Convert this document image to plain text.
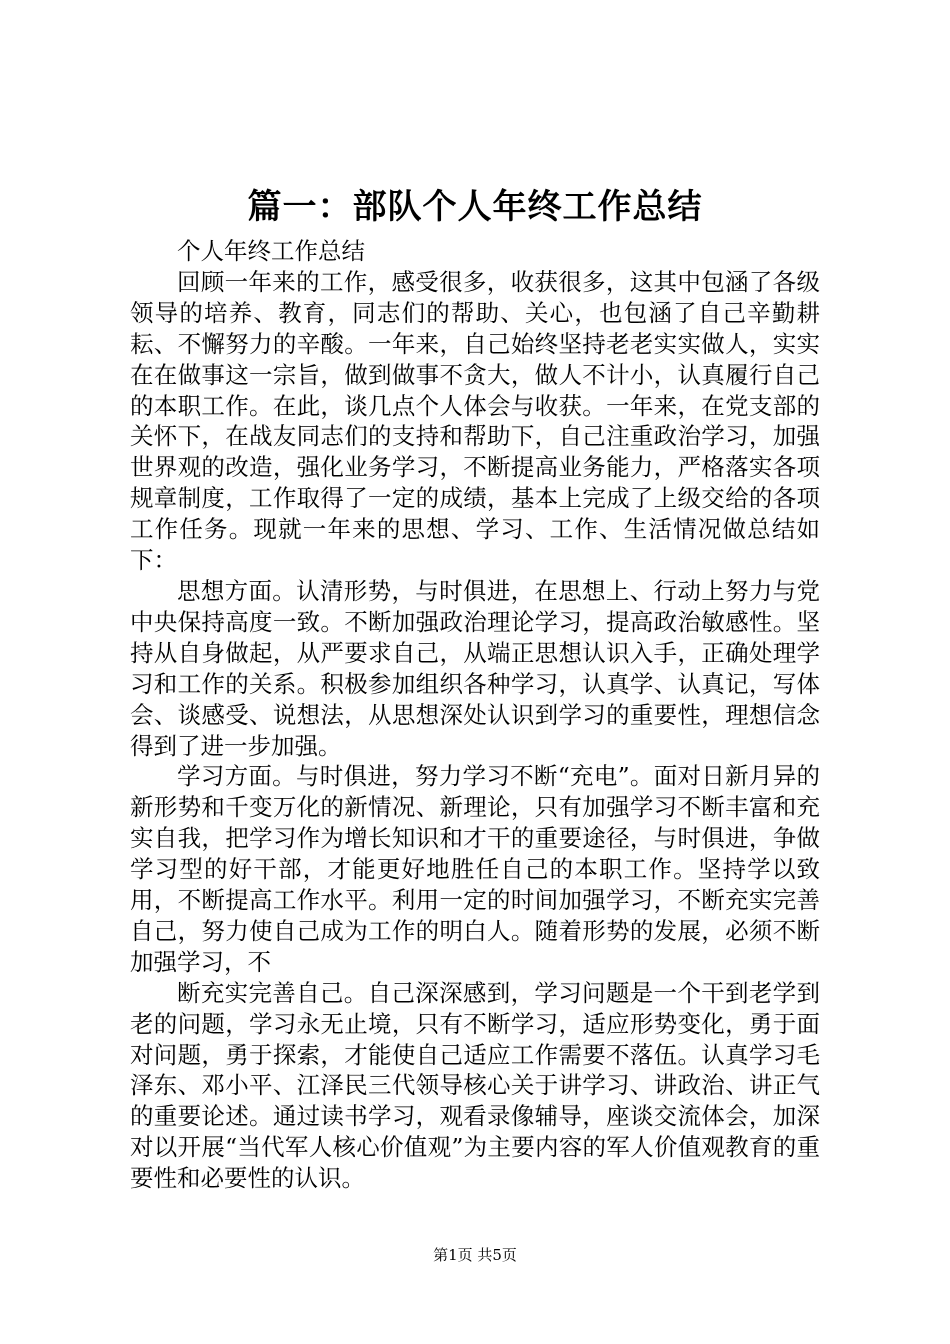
篇一：部队个人年终工作总结

个人年终工作总结

回顾一年来的工作，感受很多，收获很多，这其中包涵了各级领导的培养、教育，同志们的帮助、关心，也包涵了自己辛勤耕耘、不懈努力的辛酸。一年来，自己始终坚持老老实实做人，实实在在做事这一宗旨，做到做事不贪大，做人不计小，认真履行自己的本职工作。在此，谈几点个人体会与收获。一年来，在党支部的关怀下，在战友同志们的支持和帮助下，自己注重政治学习，加强世界观的改造，强化业务学习，不断提高业务能力，严格落实各项规章制度，工作取得了一定的成绩，基本上完成了上级交给的各项工作任务。现就一年来的思想、学习、工作、生活情况做总结如下：

思想方面。认清形势，与时俱进，在思想上、行动上努力与党中央保持高度一致。不断加强政治理论学习，提高政治敏感性。坚持从自身做起，从严要求自己，从端正思想认识入手，正确处理学习和工作的关系。积极参加组织各种学习，认真学、认真记，写体会、谈感受、说想法，从思想深处认识到学习的重要性，理想信念得到了进一步加强。

学习方面。与时俱进，努力学习不断“充电”。面对日新月异的新形势和千变万化的新情况、新理论，只有加强学习不断丰富和充实自我，把学习作为增长知识和才干的重要途径，与时俱进，争做学习型的好干部，才能更好地胜任自己的本职工作。坚持学以致用，不断提高工作水平。利用一定的时间加强学习，不断充实完善自己，努力使自己成为工作的明白人。随着形势的发展，必须不断加强学习，不

断充实完善自己。自己深深感到，学习问题是一个干到老学到老的问题，学习永无止境，只有不断学习，适应形势变化，勇于面对问题，勇于探索，才能使自己适应工作需要不落伍。认真学习毛泽东、邓小平、江泽民三代领导核心关于讲学习、讲政治、讲正气的重要论述。通过读书学习，观看录像辅导，座谈交流体会，加深对以开展“当代军人核心价值观”为主要内容的军人价值观教育的重要性和必要性的认识。

第1页 共5页
